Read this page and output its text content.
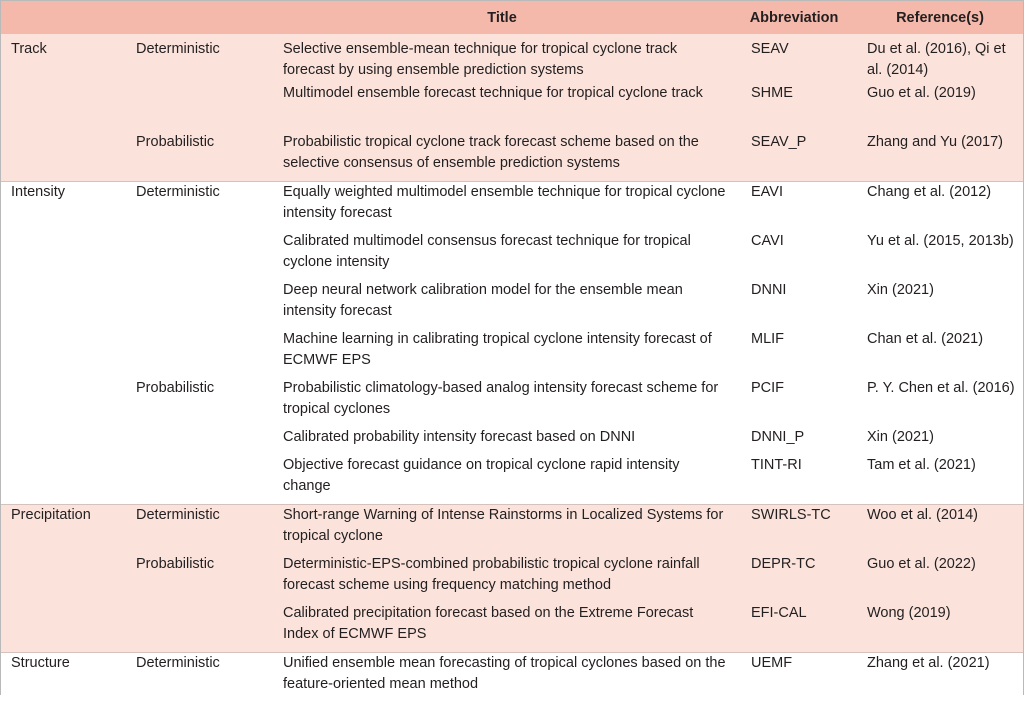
		Title	Abbreviation	Reference(s)
Track	Deterministic	Selective ensemble-mean technique for tropical cyclone track forecast by using ensemble prediction systems	SEAV	Du et al. (2016), Qi et al. (2014)
		Multimodel ensemble forecast technique for tropical cyclone track	SHME	Guo et al. (2019)
	Probabilistic	Probabilistic tropical cyclone track forecast scheme based on the selective consensus of ensemble prediction systems	SEAV_P	Zhang and Yu (2017)
Intensity	Deterministic	Equally weighted multimodel ensemble technique for tropical cyclone intensity forecast	EAVI	Chang et al. (2012)
		Calibrated multimodel consensus forecast technique for tropical cyclone intensity	CAVI	Yu et al. (2015, 2013b)
		Deep neural network calibration model for the ensemble mean intensity forecast	DNNI	Xin (2021)
		Machine learning in calibrating tropical cyclone intensity forecast of ECMWF EPS	MLIF	Chan et al. (2021)
	Probabilistic	Probabilistic climatology-based analog intensity forecast scheme for tropical cyclones	PCIF	P. Y. Chen et al. (2016)
		Calibrated probability intensity forecast based on DNNI	DNNI_P	Xin (2021)
		Objective forecast guidance on tropical cyclone rapid intensity change	TINT-RI	Tam et al. (2021)
Precipitation	Deterministic	Short-range Warning of Intense Rainstorms in Localized Systems for tropical cyclone	SWIRLS-TC	Woo et al. (2014)
	Probabilistic	Deterministic-EPS-combined probabilistic tropical cyclone rainfall forecast scheme using frequency matching method	DEPR-TC	Guo et al. (2022)
		Calibrated precipitation forecast based on the Extreme Forecast Index of ECMWF EPS	EFI-CAL	Wong (2019)
Structure	Deterministic	Unified ensemble mean forecasting of tropical cyclones based on the feature-oriented mean method	UEMF	Zhang et al. (2021)
